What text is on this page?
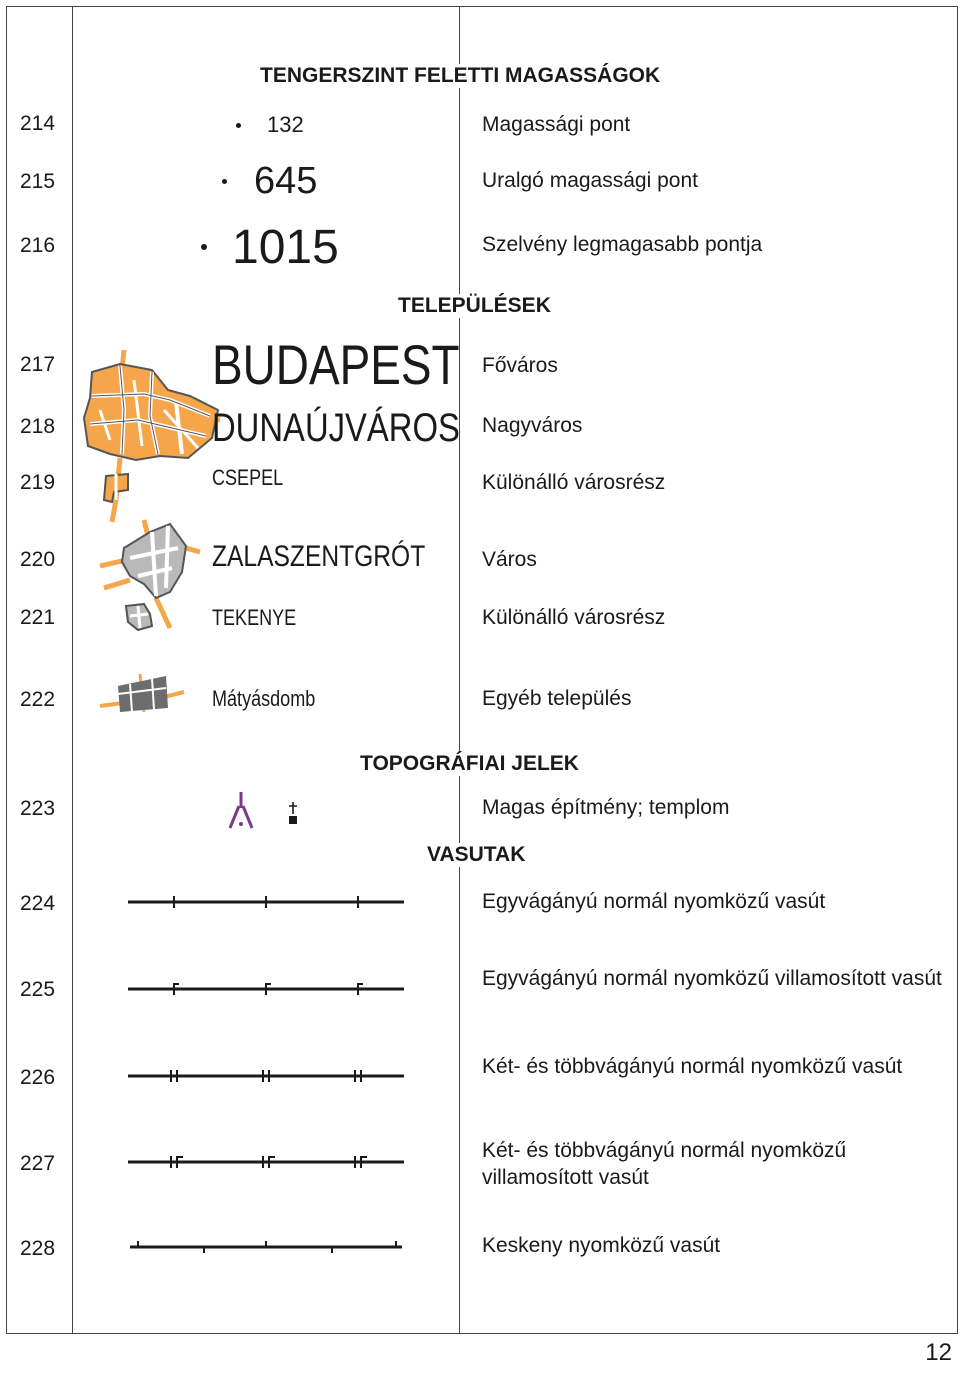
TENGERSZINT FELETTI MAGASSÁGOK
TELEPÜLÉSEK
TOPOGRÁFIAI JELEK
VASUTAK
214
215
216
217
218
219
220
221
222
223
224
225
226
227
228
Magassági pont
Uralgó magassági pont
Szelvény legmagasabb pontja
Főváros
Nagyváros
Különálló városrész
Város
Különálló városrész
Egyéb település
Magas építmény; templom
Egyvágányú normál nyomközű vasút
Egyvágányú normál nyomközű villamosított vasút
Két- és többvágányú normál nyomközű vasút
Két- és többvágányú normál nyomközű villamosított vasút
Keskeny nyomközű vasút
132
645
1015
BUDAPEST
DUNAÚJVÁROS
CSEPEL
ZALASZENTGRÓT
TEKENYE
Mátyásdomb
12
